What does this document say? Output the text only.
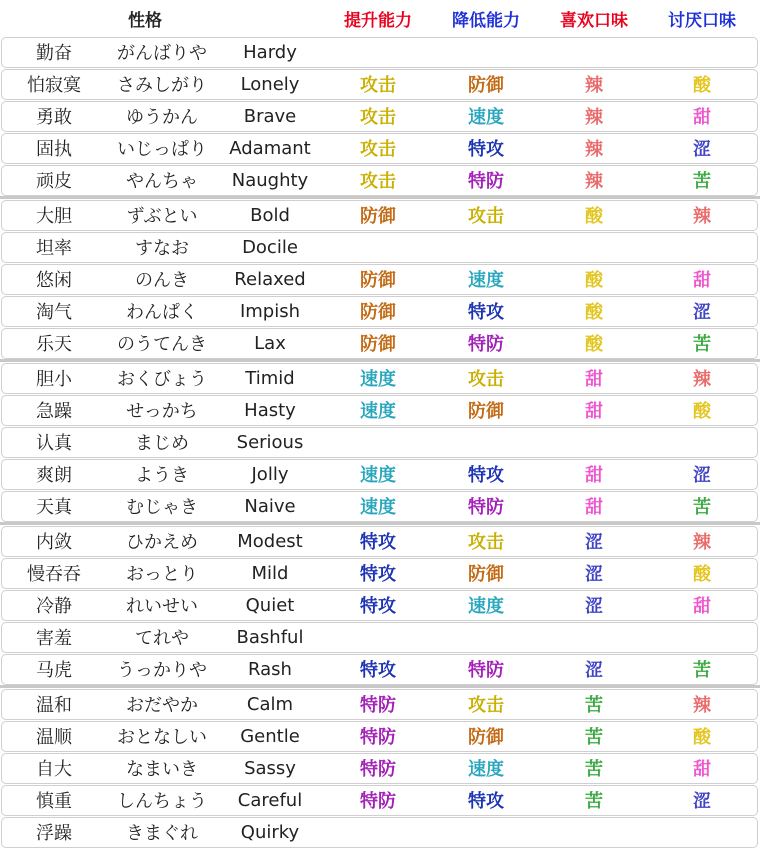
性格	提升能力	降低能力	喜欢口味	讨厌口味
勤奋	がんばりや	Hardy
怕寂寞	さみしがり	Lonely	攻击	防御	辣	酸
勇敢	ゆうかん	Brave	攻击	速度	辣	甜
固执	いじっぱり	Adamant	攻击	特攻	辣	涩
顽皮	やんちゃ	Naughty	攻击	特防	辣	苦
大胆	ずぶとい	Bold	防御	攻击	酸	辣
坦率	すなお	Docile
悠闲	のんき	Relaxed	防御	速度	酸	甜
淘气	わんぱく	Impish	防御	特攻	酸	涩
乐天	のうてんき	Lax	防御	特防	酸	苦
胆小	おくびょう	Timid	速度	攻击	甜	辣
急躁	せっかち	Hasty	速度	防御	甜	酸
认真	まじめ	Serious
爽朗	ようき	Jolly	速度	特攻	甜	涩
天真	むじゃき	Naive	速度	特防	甜	苦
内敛	ひかえめ	Modest	特攻	攻击	涩	辣
慢吞吞	おっとり	Mild	特攻	防御	涩	酸
冷静	れいせい	Quiet	特攻	速度	涩	甜
害羞	てれや	Bashful
马虎	うっかりや	Rash	特攻	特防	涩	苦
温和	おだやか	Calm	特防	攻击	苦	辣
温顺	おとなしい	Gentle	特防	防御	苦	酸
自大	なまいき	Sassy	特防	速度	苦	甜
慎重	しんちょう	Careful	特防	特攻	苦	涩
浮躁	きまぐれ	Quirky
